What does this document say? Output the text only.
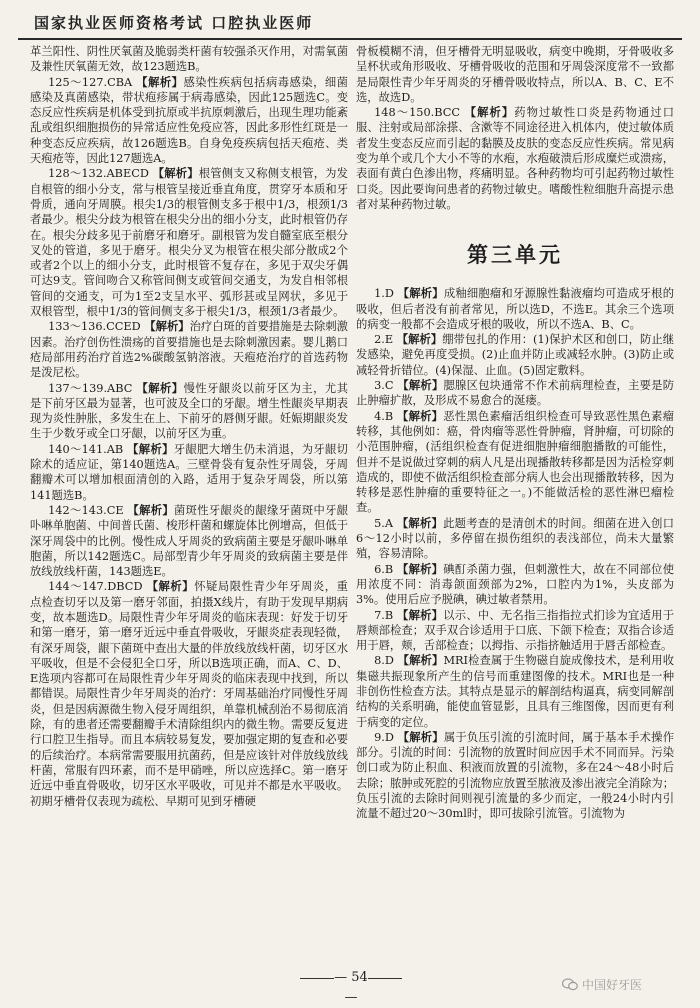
国家执业医师资格考试 口腔执业医师

革兰阳性、阴性厌氧菌及脆弱类杆菌有较强杀灭作用，对需氧菌及兼性厌氧菌无效，故123题选B。

125～127.CBA 【解析】感染性疾病包括病毒感染，细菌感染及真菌感染，带状疱疹属于病毒感染，因此125题选C。变态反应性疾病是机体受到抗原或半抗原刺激后，出现生理功能紊乱或组织细胞损伤的异常适应性免疫应答，因此多形性红斑是一种变态反应疾病，故126题选B。自身免疫疾病包括天疱疮、类天疱疮等，因此127题选A。

128～132.ABECD 【解析】根管侧支又称侧支根管，为发自根管的细小分支，常与根管呈接近垂直角度，贯穿牙本质和牙骨质，通向牙周膜。根尖1/3的根管侧支多于根中1/3，根颈1/3者最少。根尖分歧为根管在根尖分出的细小分支，此时根管仍存在。根尖分歧多见于前磨牙和磨牙。副根管为发自髓室底至根分叉处的管道，多见于磨牙。根尖分叉为根管在根尖部分散成2个或者2个以上的细小分支，此时根管不复存在，多见于双尖牙偶可达9支。管间吻合又称管间侧支或管间交通支，为发自相邻根管间的交通支，可为1至2支呈水平、弧形甚或呈网状，多见于双根管型，根中1/3的管间侧支多于根尖1/3，根颈1/3者最少。

133～136.CCED 【解析】治疗白斑的首要措施是去除刺激因素。治疗创伤性溃疡的首要措施也是去除刺激因素。婴儿鹅口疮局部用药治疗首选2%碳酸氢钠溶液。天疱疮治疗的首选药物是泼尼松。

137～139.ABC 【解析】慢性牙龈炎以前牙区为主，尤其是下前牙区最为显著，也可波及全口的牙龈。增生性龈炎早期表现为炎性肿胀，多发生在上、下前牙的唇侧牙龈。妊娠期龈炎发生于少数牙或全口牙龈，以前牙区为重。

140～141.AB 【解析】牙龈肥大增生仍未消退，为牙龈切除术的适应证，第140题选A。三壁骨袋有复杂性牙周袋，牙周翻瓣术可以增加根面清创的入路，适用于复杂牙周袋，所以第141题选B。

142～143.CE 【解析】菌斑性牙龈炎的龈缘牙菌斑中牙龈卟啉单胞菌、中间普氏菌、梭形杆菌和螺旋体比例增高，但低于深牙周袋中的比例。慢性成人牙周炎的致病菌主要是牙龈卟啉单胞菌，所以142题选C。局部型青少年牙周炎的致病菌主要是伴放线放线杆菌，143题选E。

144～147.DBCD 【解析】怀疑局限性青少年牙周炎，重点检查切牙以及第一磨牙邻面，拍摄X线片，有助于发现早期病变，故本题选D。局限性青少年牙周炎的临床表现：好发于切牙和第一磨牙，第一磨牙近远中垂直骨吸收，牙龈炎症表现轻微，有深牙周袋，龈下菌斑中查出大量的伴放线放线杆菌，切牙区水平吸收，但是不会侵犯全口牙，所以B选项正确，而A、C、D、E选项内容都可在局限性青少年牙周炎的临床表现中找到，所以都错误。局限性青少年牙周炎的治疗：牙周基础治疗同慢性牙周炎，但是因病源微生物入侵牙周组织，单靠机械刮治不易彻底消除，有的患者还需要翻瓣手术清除组织内的微生物。需要反复进行口腔卫生指导。而且本病较易复发，要加强定期的复查和必要的后续治疗。本病常需要服用抗菌药，但是应该针对伴放线放线杆菌，常服有四环素，而不是甲硝唑，所以应选择C。第一磨牙近远中垂直骨吸收，切牙区水平吸收，可见并不都是水平吸收。初期牙槽骨仅表现为疏松、早期可见到牙槽硬

骨板模糊不清，但牙槽骨无明显吸收，病变中晚期，牙骨吸收多呈杯状或角形吸收、牙槽骨吸收的范围和牙周袋深度常不一致都是局限性青少年牙周炎的牙槽骨吸收特点，所以A、B、C、E不选，故选D。

148～150.BCC 【解析】药物过敏性口炎是药物通过口服、注射或局部涂搽、含漱等不同途径进入机体内，使过敏体质者发生变态反应而引起的黏膜及皮肤的变态反应性疾病。常见病变为单个或几个大小不等的水疱，水疱破溃后形成糜烂或溃疡，表面有黄白色渗出物，疼痛明显。各种药物均可引起药物过敏性口炎。因此要询问患者的药物过敏史。嗜酸性粒细胞升高提示患者对某种药物过敏。

第三单元

1.D 【解析】成釉细胞瘤和牙源腺性黏液瘤均可造成牙根的吸收，但后者没有前者常见，所以选D，不选E。其余三个选项的病变一般都不会造成牙根的吸收，所以不选A、B、C。

2.E 【解析】绷带包扎的作用：(1)保护术区和创口，防止继发感染，避免再度受损。(2)止血并防止或减轻水肿。(3)防止或减轻骨折错位。(4)保湿、止血。(5)固定敷料。

3.C 【解析】腮腺区包块通常不作术前病理检查，主要是防止肿瘤扩散，及形成不易愈合的涎瘘。

4.B 【解析】恶性黑色素瘤活组织检查可导致恶性黑色素瘤转移，其他例如：癌，骨肉瘤等恶性骨肿瘤，肾肿瘤，可切除的小范围肿瘤，(活组织检查有促进细胞肿瘤细胞播散的可能性，但并不是说做过穿刺的病人凡是出现播散转移都是因为活检穿刺造成的，即使不做活组织检查部分病人也会出现播散转移，因为转移是恶性肿瘤的重要特征之一。)不能做活检的恶性淋巴瘤检查。

5.A 【解析】此题考查的是清创术的时间。细菌在进入创口6～12小时以前，多停留在损伤组织的表浅部位，尚未大量繁殖，容易清除。

6.B 【解析】碘酊杀菌力强，但刺激性大，故在不同部位使用浓度不同：消毒颌面颈部为2%，口腔内为1%，头皮部为3%。使用后应予脱碘，碘过敏者禁用。

7.B 【解析】以示、中、无名指三指指拉式扪诊为宜适用于唇颊部检查；双手双合诊适用于口底、下颌下检查；双指合诊适用于唇，颊，舌部检查；以拇指、示指挤触适用于唇舌部检查。

8.D 【解析】MRI检查属于生物磁自旋成像技术，是利用收集磁共振现象所产生的信号而重建图像的技术。MRI也是一种非创伤性检查方法。其特点是显示的解剖结构逼真，病变同解剖结构的关系明确，能使血管显影，且具有三维图像，因而更有利于病变的定位。

9.D 【解析】属于负压引流的引流时间，属于基本手术操作部分。引流的时间：引流物的放置时间应因手术不同而异。污染创口或为防止积血、积液而放置的引流物，多在24～48小时后去除；脓肿或死腔的引流物应放置至脓液及渗出液完全消除为；负压引流的去除时间则视引流量的多少而定，一般24小时内引流量不超过20～30ml时，即可拔除引流管。引流物为

— 54 —
中国好牙医
